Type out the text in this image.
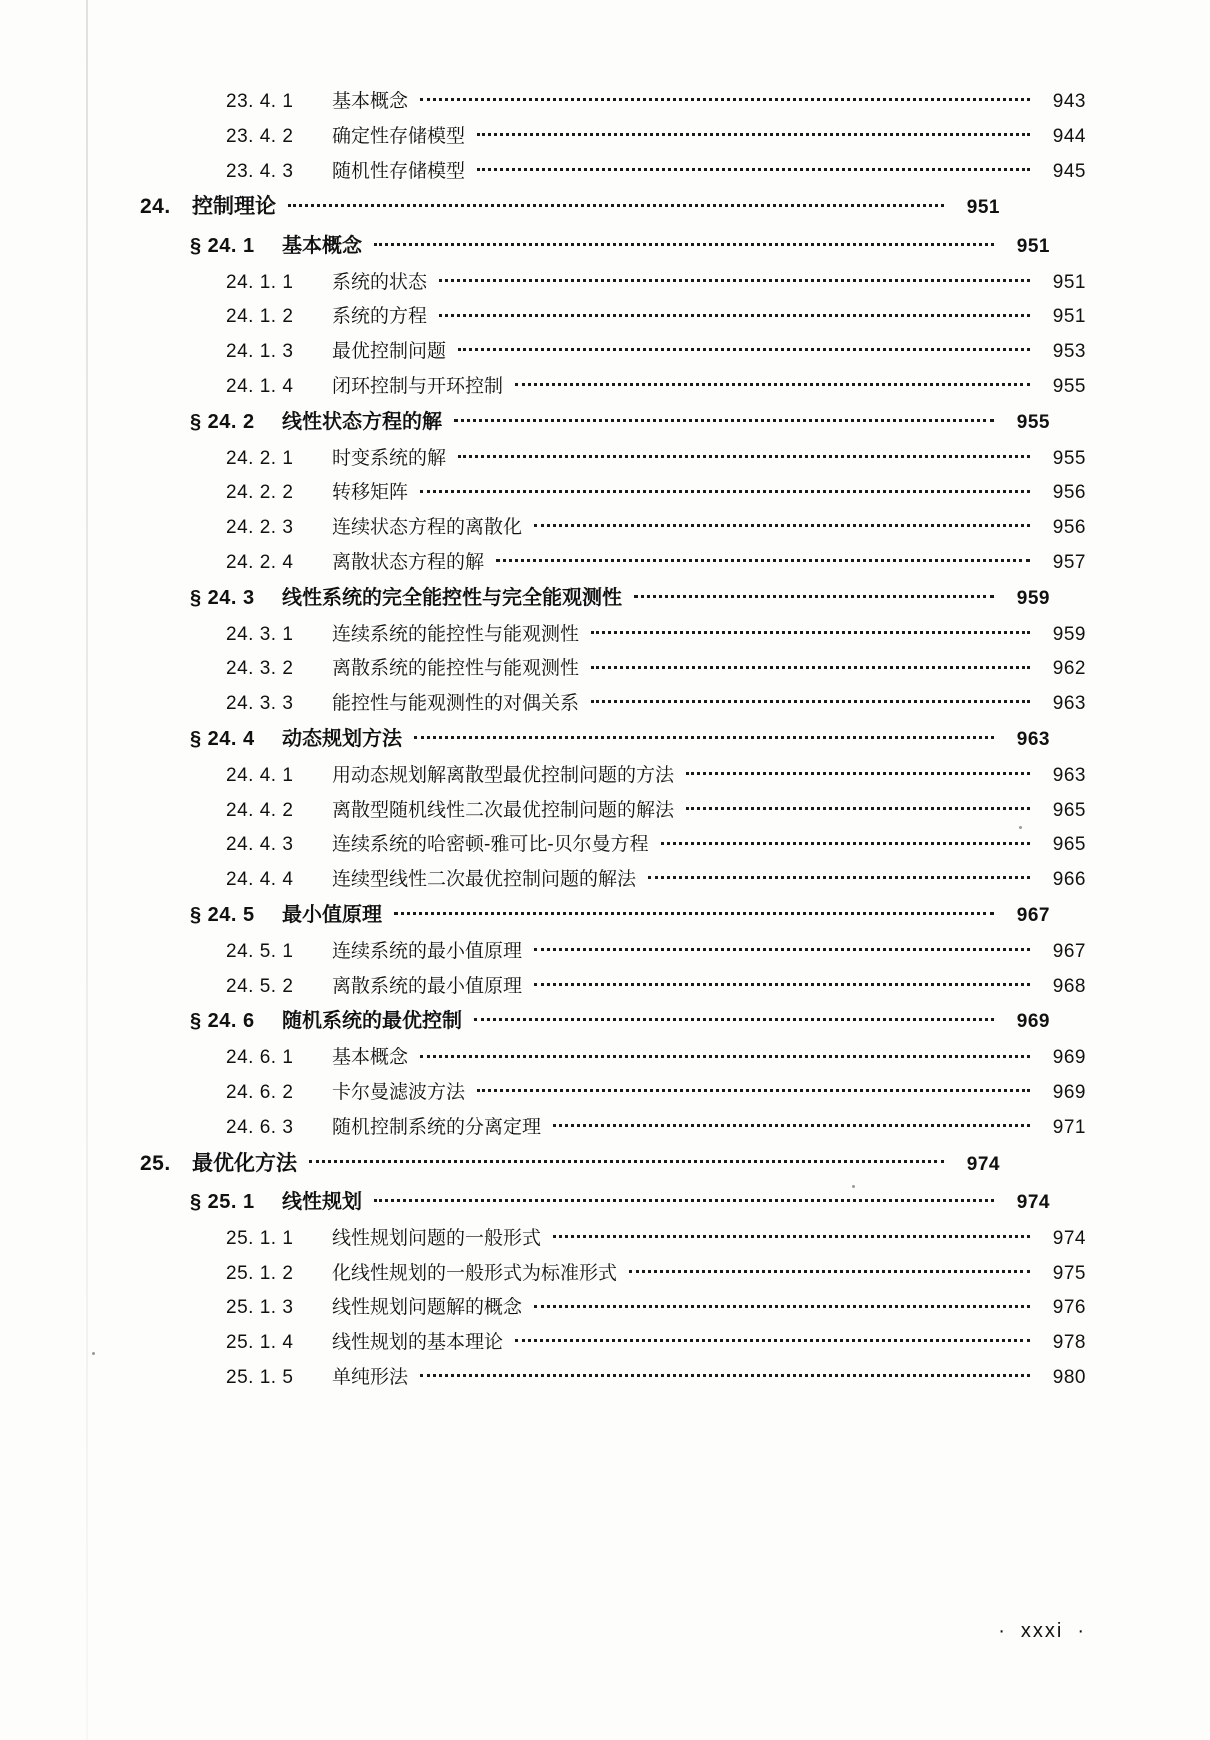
23. 4. 1	基本概念	943
23. 4. 2	确定性存储模型	944
23. 4. 3	随机性存储模型	945
24.	控制理论	951
§ 24. 1	基本概念	951
24. 1. 1	系统的状态	951
24. 1. 2	系统的方程	951
24. 1. 3	最优控制问题	953
24. 1. 4	闭环控制与开环控制	955
§ 24. 2	线性状态方程的解	955
24. 2. 1	时变系统的解	955
24. 2. 2	转移矩阵	956
24. 2. 3	连续状态方程的离散化	956
24. 2. 4	离散状态方程的解	957
§ 24. 3	线性系统的完全能控性与完全能观测性	959
24. 3. 1	连续系统的能控性与能观测性	959
24. 3. 2	离散系统的能控性与能观测性	962
24. 3. 3	能控性与能观测性的对偶关系	963
§ 24. 4	动态规划方法	963
24. 4. 1	用动态规划解离散型最优控制问题的方法	963
24. 4. 2	离散型随机线性二次最优控制问题的解法	965
24. 4. 3	连续系统的哈密顿-雅可比-贝尔曼方程	965
24. 4. 4	连续型线性二次最优控制问题的解法	966
§ 24. 5	最小值原理	967
24. 5. 1	连续系统的最小值原理	967
24. 5. 2	离散系统的最小值原理	968
§ 24. 6	随机系统的最优控制	969
24. 6. 1	基本概念	969
24. 6. 2	卡尔曼滤波方法	969
24. 6. 3	随机控制系统的分离定理	971
25.	最优化方法	974
§ 25. 1	线性规划	974
25. 1. 1	线性规划问题的一般形式	974
25. 1. 2	化线性规划的一般形式为标准形式	975
25. 1. 3	线性规划问题解的概念	976
25. 1. 4	线性规划的基本理论	978
25. 1. 5	单纯形法	980
· xxxi ·
